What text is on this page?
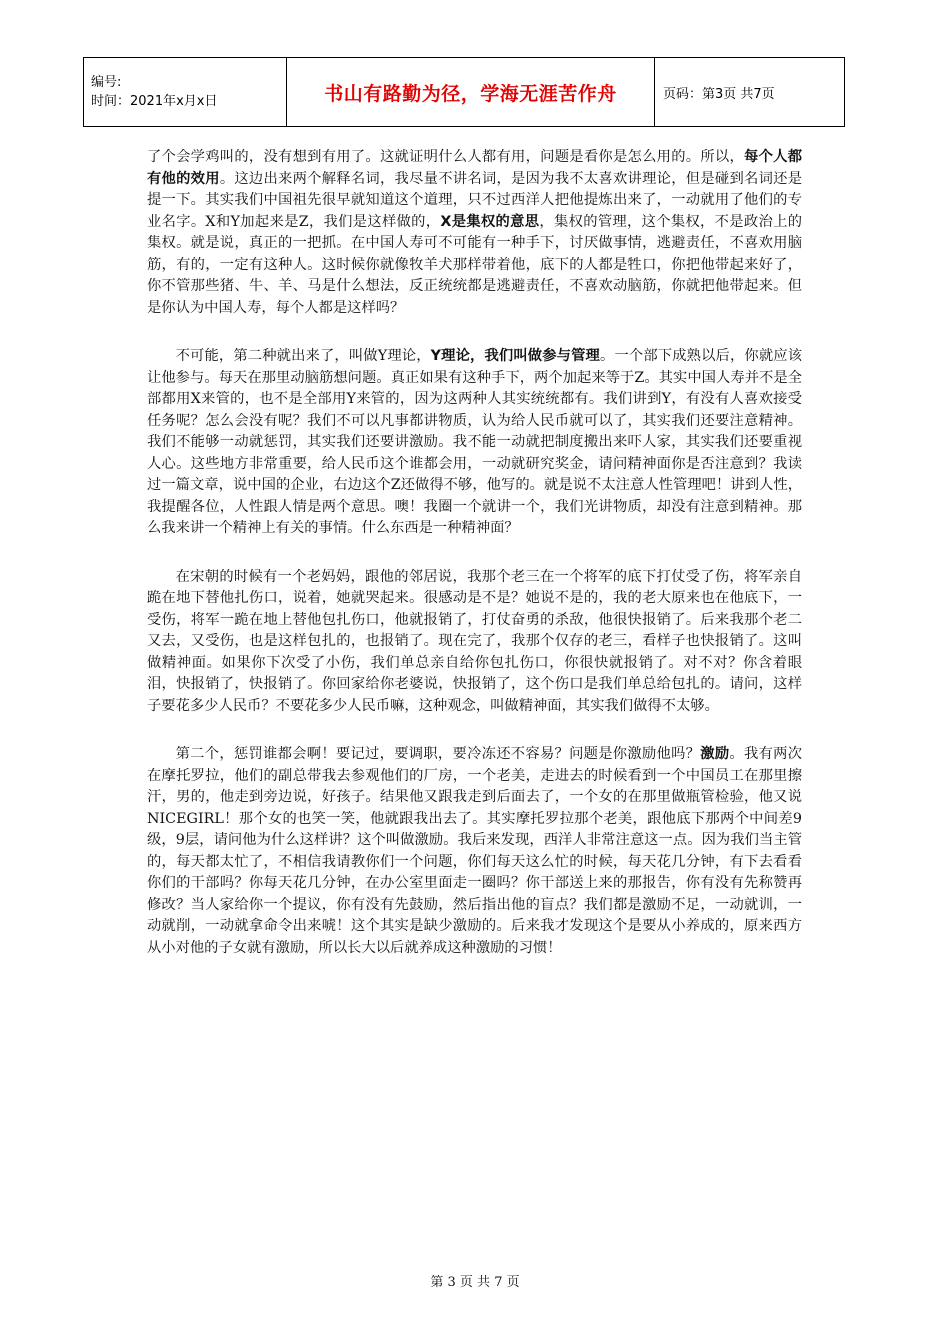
编号:
时间：2021年x月x日	书山有路勤为径，学海无涯苦作舟	页码：第3页 共7页

了个会学鸡叫的，没有想到有用了。这就证明什么人都有用，问题是看你是怎么用的。所以，每个人都有他的效用。这边出来两个解释名词，我尽量不讲名词，是因为我不太喜欢讲理论，但是碰到名词还是提一下。其实我们中国祖先很早就知道这个道理，只不过西洋人把他提炼出来了，一动就用了他们的专业名字。X和Y加起来是Z，我们是这样做的，X是集权的意思，集权的管理，这个集权，不是政治上的集权。就是说，真正的一把抓。在中国人寿可不可能有一种手下，讨厌做事情，逃避责任，不喜欢用脑筋，有的，一定有这种人。这时候你就像牧羊犬那样带着他，底下的人都是牲口，你把他带起来好了，你不管那些猪、牛、羊、马是什么想法，反正统统都是逃避责任，不喜欢动脑筋，你就把他带起来。但是你认为中国人寿，每个人都是这样吗？

不可能，第二种就出来了，叫做Y理论，Y理论，我们叫做参与管理。一个部下成熟以后，你就应该让他参与。每天在那里动脑筋想问题。真正如果有这种手下，两个加起来等于Z。其实中国人寿并不是全部都用X来管的，也不是全部用Y来管的，因为这两种人其实统统都有。我们讲到Y，有没有人喜欢接受任务呢？怎么会没有呢？我们不可以凡事都讲物质，认为给人民币就可以了，其实我们还要注意精神。我们不能够一动就惩罚，其实我们还要讲激励。我不能一动就把制度搬出来吓人家，其实我们还要重视人心。这些地方非常重要，给人民币这个谁都会用，一动就研究奖金，请问精神面你是否注意到？我读过一篇文章，说中国的企业，右边这个Z还做得不够，他写的。就是说不太注意人性管理吧！讲到人性，我提醒各位，人性跟人情是两个意思。噢！我圈一个就讲一个，我们光讲物质，却没有注意到精神。那么我来讲一个精神上有关的事情。什么东西是一种精神面？

在宋朝的时候有一个老妈妈，跟他的邻居说，我那个老三在一个将军的底下打仗受了伤，将军亲自跪在地下替他扎伤口，说着，她就哭起来。很感动是不是？她说不是的，我的老大原来也在他底下，一受伤，将军一跪在地上替他包扎伤口，他就报销了，打仗奋勇的杀敌，他很快报销了。后来我那个老二又去，又受伤，也是这样包扎的，也报销了。现在完了，我那个仅存的老三，看样子也快报销了。这叫做精神面。如果你下次受了小伤，我们单总亲自给你包扎伤口，你很快就报销了。对不对？你含着眼泪，快报销了，快报销了。你回家给你老婆说，快报销了，这个伤口是我们单总给包扎的。请问，这样子要花多少人民币？不要花多少人民币嘛，这种观念，叫做精神面，其实我们做得不太够。

第二个，惩罚谁都会啊！要记过，要调职，要冷冻还不容易？问题是你激励他吗？激励。我有两次在摩托罗拉，他们的副总带我去参观他们的厂房，一个老美，走进去的时候看到一个中国员工在那里擦汗，男的，他走到旁边说，好孩子。结果他又跟我走到后面去了，一个女的在那里做瓶管检验，他又说NICEGIRL！那个女的也笑一笑，他就跟我出去了。其实摩托罗拉那个老美，跟他底下那两个中间差9级，9层，请问他为什么这样讲？这个叫做激励。我后来发现，西洋人非常注意这一点。因为我们当主管的，每天都太忙了，不相信我请教你们一个问题，你们每天这么忙的时候，每天花几分钟，有下去看看你们的干部吗？你每天花几分钟，在办公室里面走一圈吗？你干部送上来的那报告，你有没有先称赞再修改？当人家给你一个提议，你有没有先鼓励，然后指出他的盲点？我们都是激励不足，一动就训，一动就削，一动就拿命令出来唬！这个其实是缺少激励的。后来我才发现这个是要从小养成的，原来西方从小对他的子女就有激励，所以长大以后就养成这种激励的习惯！

第 3 页 共 7 页
